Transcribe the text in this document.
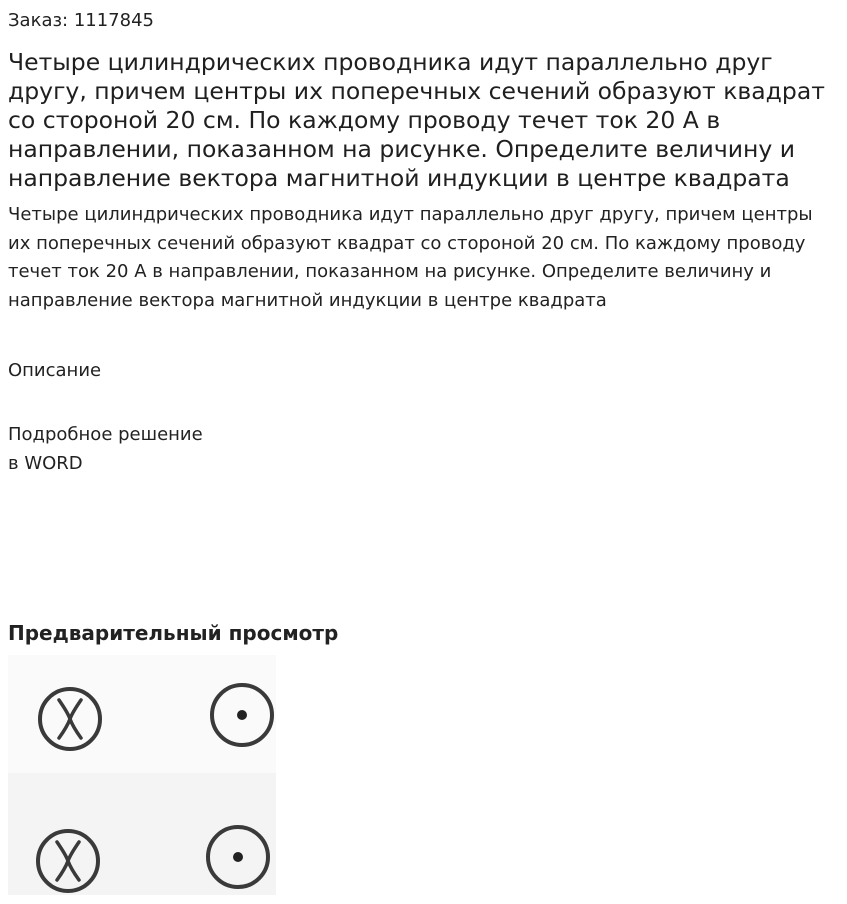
Заказ: 1117845
Четыре цилиндрических проводника идут параллельно друг другу, причем центры их поперечных сечений образуют квадрат со стороной 20 см. По каждому проводу течет ток 20 А в направлении, показанном на рисунке. Определите величину и направление вектора магнитной индукции в центре квадрата

Четыре цилиндрических проводника идут параллельно друг другу, причем центры их поперечных сечений образуют квадрат со стороной 20 см. По каждому проводу течет ток 20 А в направлении, показанном на рисунке. Определите величину и направление вектора магнитной индукции в центре квадрата

Описание
Подробное решение
в WORD
Предварительный просмотр
